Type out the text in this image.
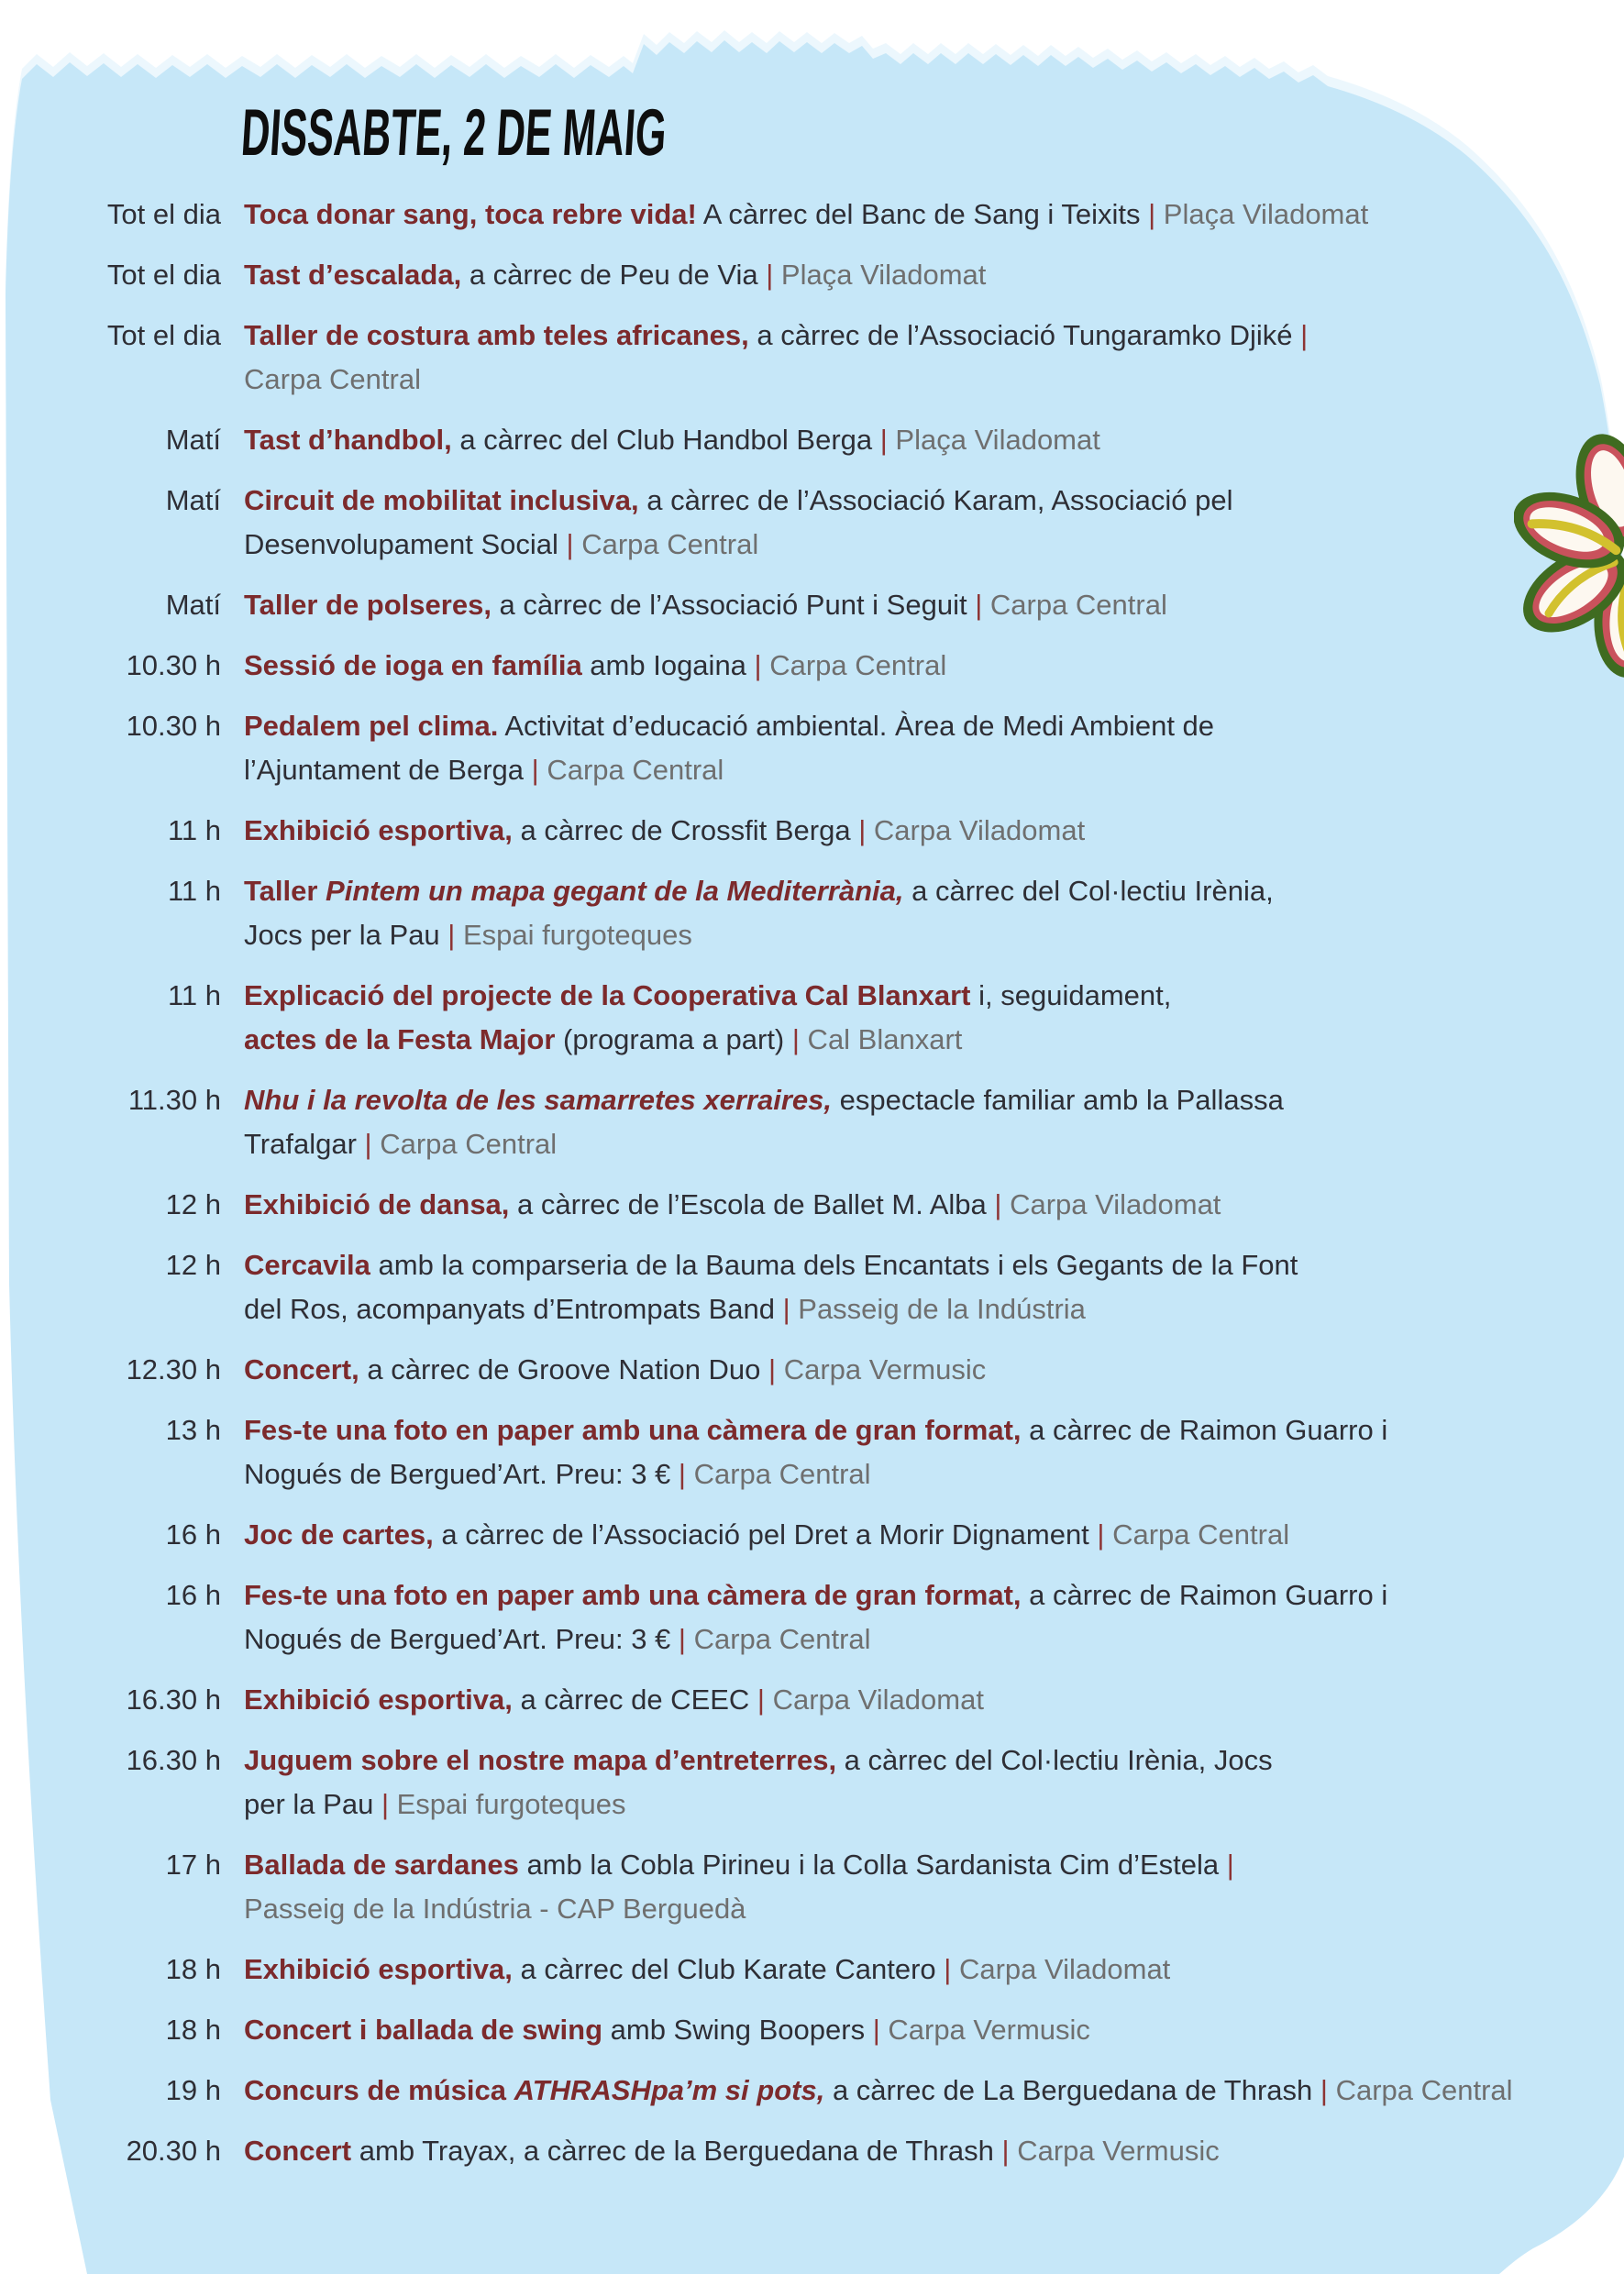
DISSABTE, 2 DE MAIG
Tot el dia Toca donar sang, toca rebre vida! A càrrec del Banc de Sang i Teixits | Plaça Viladomat
Tot el dia Tast d’escalada, a càrrec de Peu de Via | Plaça Viladomat
Tot el dia Taller de costura amb teles africanes, a càrrec de l’Associació Tungaramko Djiké |
Carpa Central
Matí Tast d’handbol, a càrrec del Club Handbol Berga | Plaça Viladomat
Matí Circuit de mobilitat inclusiva, a càrrec de l’Associació Karam, Associació pel
Desenvolupament Social | Carpa Central
Matí Taller de polseres, a càrrec de l’Associació Punt i Seguit | Carpa Central
10.30 h Sessió de ioga en família amb Iogaina | Carpa Central
10.30 h Pedalem pel clima. Activitat d’educació ambiental. Àrea de Medi Ambient de
l’Ajuntament de Berga | Carpa Central
11 h Exhibició esportiva, a càrrec de Crossfit Berga | Carpa Viladomat
11 h Taller Pintem un mapa gegant de la Mediterrània, a càrrec del Col·lectiu Irènia,
Jocs per la Pau | Espai furgoteques
11 h Explicació del projecte de la Cooperativa Cal Blanxart i, seguidament,
actes de la Festa Major (programa a part) | Cal Blanxart
11.30 h Nhu i la revolta de les samarretes xerraires, espectacle familiar amb la Pallassa
Trafalgar | Carpa Central
12 h Exhibició de dansa, a càrrec de l’Escola de Ballet M. Alba | Carpa Viladomat
12 h Cercavila amb la comparseria de la Bauma dels Encantats i els Gegants de la Font
del Ros, acompanyats d’Entrompats Band | Passeig de la Indústria
12.30 h Concert, a càrrec de Groove Nation Duo | Carpa Vermusic
13 h Fes-te una foto en paper amb una càmera de gran format, a càrrec de Raimon Guarro i
Nogués de Bergued’Art. Preu: 3 € | Carpa Central
16 h Joc de cartes, a càrrec de l’Associació pel Dret a Morir Dignament | Carpa Central
16 h Fes-te una foto en paper amb una càmera de gran format, a càrrec de Raimon Guarro i
Nogués de Bergued’Art. Preu: 3 € | Carpa Central
16.30 h Exhibició esportiva, a càrrec de CEEC | Carpa Viladomat
16.30 h Juguem sobre el nostre mapa d’entreterres, a càrrec del Col·lectiu Irènia, Jocs
per la Pau | Espai furgoteques
17 h Ballada de sardanes amb la Cobla Pirineu i la Colla Sardanista Cim d’Estela |
Passeig de la Indústria - CAP Berguedà
18 h Exhibició esportiva, a càrrec del Club Karate Cantero | Carpa Viladomat
18 h Concert i ballada de swing amb Swing Boopers | Carpa Vermusic
19 h Concurs de música ATHRASHpa’m si pots, a càrrec de La Berguedana de Thrash | Carpa Central
20.30 h Concert amb Trayax, a càrrec de la Berguedana de Thrash | Carpa Vermusic
